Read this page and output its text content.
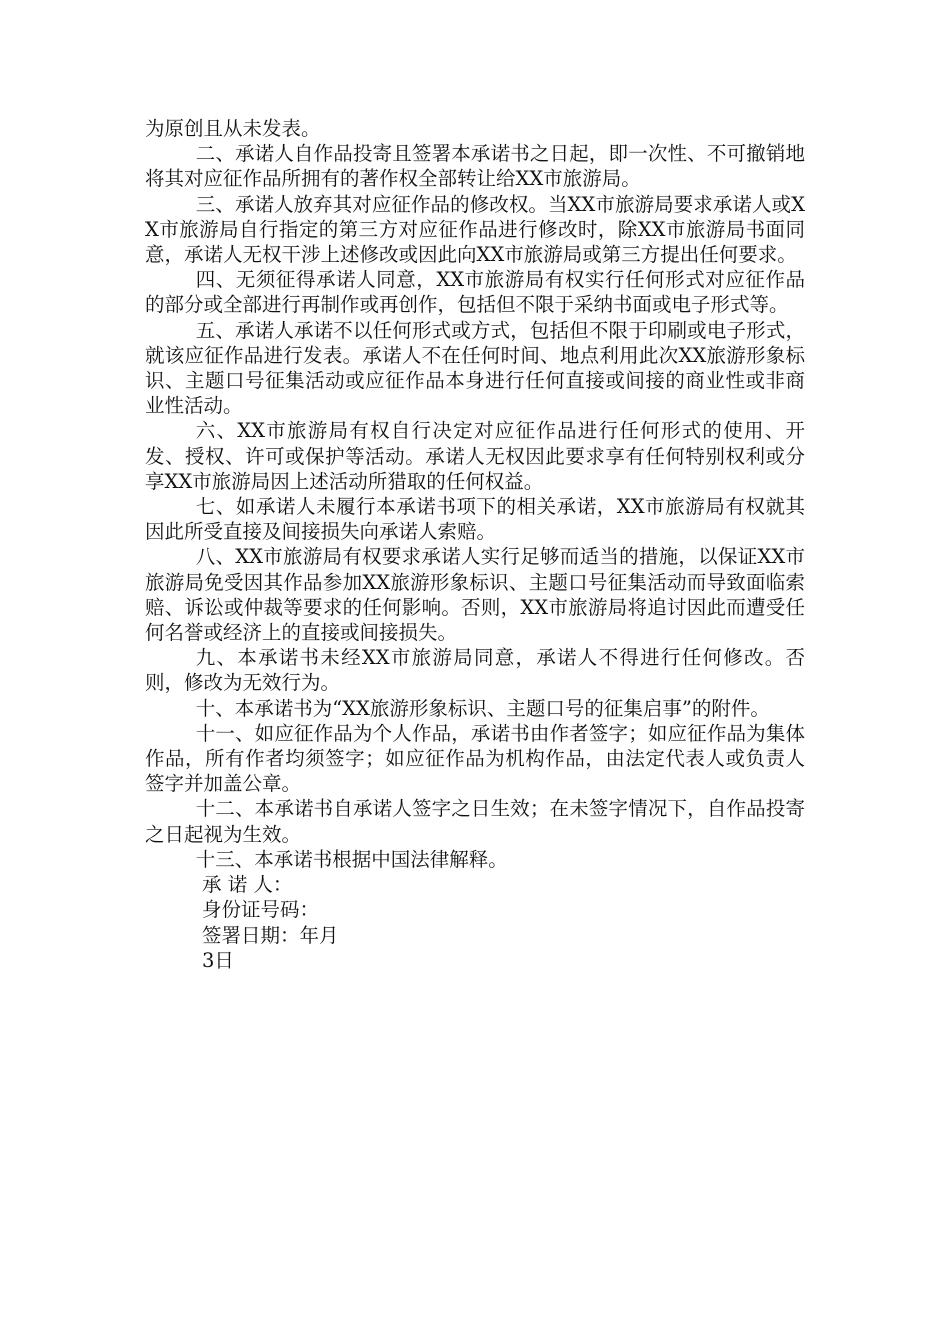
为原创且从未发表。

二、承诺人自作品投寄且签署本承诺书之日起，即一次性、不可撤销地将其对应征作品所拥有的著作权全部转让给XX市旅游局。

三、承诺人放弃其对应征作品的修改权。当XX市旅游局要求承诺人或XX市旅游局自行指定的第三方对应征作品进行修改时，除XX市旅游局书面同意，承诺人无权干涉上述修改或因此向XX市旅游局或第三方提出任何要求。

四、无须征得承诺人同意，XX市旅游局有权实行任何形式对应征作品的部分或全部进行再制作或再创作，包括但不限于采纳书面或电子形式等。

五、承诺人承诺不以任何形式或方式，包括但不限于印刷或电子形式，就该应征作品进行发表。承诺人不在任何时间、地点利用此次XX旅游形象标识、主题口号征集活动或应征作品本身进行任何直接或间接的商业性或非商业性活动。

六、XX市旅游局有权自行决定对应征作品进行任何形式的使用、开发、授权、许可或保护等活动。承诺人无权因此要求享有任何特别权利或分享XX市旅游局因上述活动所猎取的任何权益。

七、如承诺人未履行本承诺书项下的相关承诺，XX市旅游局有权就其因此所受直接及间接损失向承诺人索赔。

八、XX市旅游局有权要求承诺人实行足够而适当的措施，以保证XX市旅游局免受因其作品参加XX旅游形象标识、主题口号征集活动而导致面临索赔、诉讼或仲裁等要求的任何影响。否则，XX市旅游局将追讨因此而遭受任何名誉或经济上的直接或间接损失。

九、本承诺书未经XX市旅游局同意，承诺人不得进行任何修改。否则，修改为无效行为。

十、本承诺书为“XX旅游形象标识、主题口号的征集启事”的附件。

十一、如应征作品为个人作品，承诺书由作者签字；如应征作品为集体作品，所有作者均须签字；如应征作品为机构作品，由法定代表人或负责人签字并加盖公章。

十二、本承诺书自承诺人签字之日生效；在未签字情况下，自作品投寄之日起视为生效。

十三、本承诺书根据中国法律解释。

承 诺 人：

身份证号码：

签署日期：年月

3日
